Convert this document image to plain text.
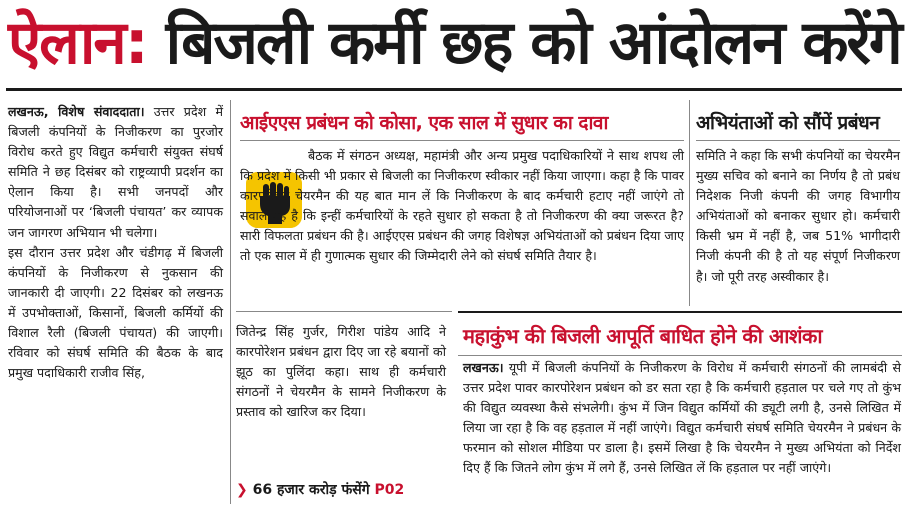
ऐलान: बिजली कर्मी छह को आंदोलन करेंगे
लखनऊ, विशेष संवाददाता। उत्तर प्रदेश में बिजली कंपनियों के निजीकरण का पुरजोर विरोध करते हुए विद्युत कर्मचारी संयुक्त संघर्ष समिति ने छह दिसंबर को राष्ट्रव्यापी प्रदर्शन का ऐलान किया है। सभी जनपदों और परियोजनाओं पर ‘बिजली पंचायत’ कर व्यापक जन जागरण अभियान भी चलेगा।
इस दौरान उत्तर प्रदेश और चंडीगढ़ में बिजली कंपनियों के निजीकरण से नुकसान की जानकारी दी जाएगी। 22 दिसंबर को लखनऊ में उपभोक्ताओं, किसानों, बिजली कर्मियों की विशाल रैली (बिजली पंचायत) की जाएगी। रविवार को संघर्ष समिति की बैठक के बाद प्रमुख पदाधिकारी राजीव सिंह,
आईएएस प्रबंधन को कोसा, एक साल में सुधार का दावा
बैठक में संगठन अध्यक्ष, महामंत्री और अन्य प्रमुख पदाधिकारियों ने साथ शपथ ली कि प्रदेश में किसी भी प्रकार से बिजली का निजीकरण स्वीकार नहीं किया जाएगा। कहा है कि पावर कारपोरेशन चेयरमैन की यह बात मान लें कि निजीकरण के बाद कर्मचारी हटाए नहीं जाएंगे तो सवाल यह है कि इन्हीं कर्मचारियों के रहते सुधार हो सकता है तो निजीकरण की क्या जरूरत है? सारी विफलता प्रबंधन की है। आईएएस प्रबंधन की जगह विशेषज्ञ अभियंताओं को प्रबंधन दिया जाए तो एक साल में ही गुणात्मक सुधार की जिम्मेदारी लेने को संघर्ष समिति तैयार है।
जितेन्द्र सिंह गुर्जर, गिरीश पांडेय आदि ने कारपोरेशन प्रबंधन द्वारा दिए जा रहे बयानों को झूठ का पुलिंदा कहा। साथ ही कर्मचारी संगठनों ने चेयरमैन के सामने निजीकरण के प्रस्ताव को खारिज कर दिया।
❯ 66 हजार करोड़ फंसेंगे P02
अभियंताओं को सौंपें प्रबंधन
समिति ने कहा कि सभी कंपनियों का चेयरमैन मुख्य सचिव को बनाने का निर्णय है तो प्रबंध निदेशक निजी कंपनी की जगह विभागीय अभियंताओं को बनाकर सुधार हो। कर्मचारी किसी भ्रम में नहीं है, जब 51% भागीदारी निजी कंपनी की है तो यह संपूर्ण निजीकरण है। जो पूरी तरह अस्वीकार है।
महाकुंभ की बिजली आपूर्ति बाधित होने की आशंका
लखनऊ। यूपी में बिजली कंपनियों के निजीकरण के विरोध में कर्मचारी संगठनों की लामबंदी से उत्तर प्रदेश पावर कारपोरेशन प्रबंधन को डर सता रहा है कि कर्मचारी हड़ताल पर चले गए तो कुंभ की विद्युत व्यवस्था कैसे संभलेगी। कुंभ में जिन विद्युत कर्मियों की ड्यूटी लगी है, उनसे लिखित में लिया जा रहा है कि वह हड़ताल में नहीं जाएंगे। विद्युत कर्मचारी संघर्ष समिति चेयरमैन ने प्रबंधन के फरमान को सोशल मीडिया पर डाला है। इसमें लिखा है कि चेयरमैन ने मुख्य अभियंता को निर्देश दिए हैं कि जितने लोग कुंभ में लगे हैं, उनसे लिखित लें कि हड़ताल पर नहीं जाएंगे।
